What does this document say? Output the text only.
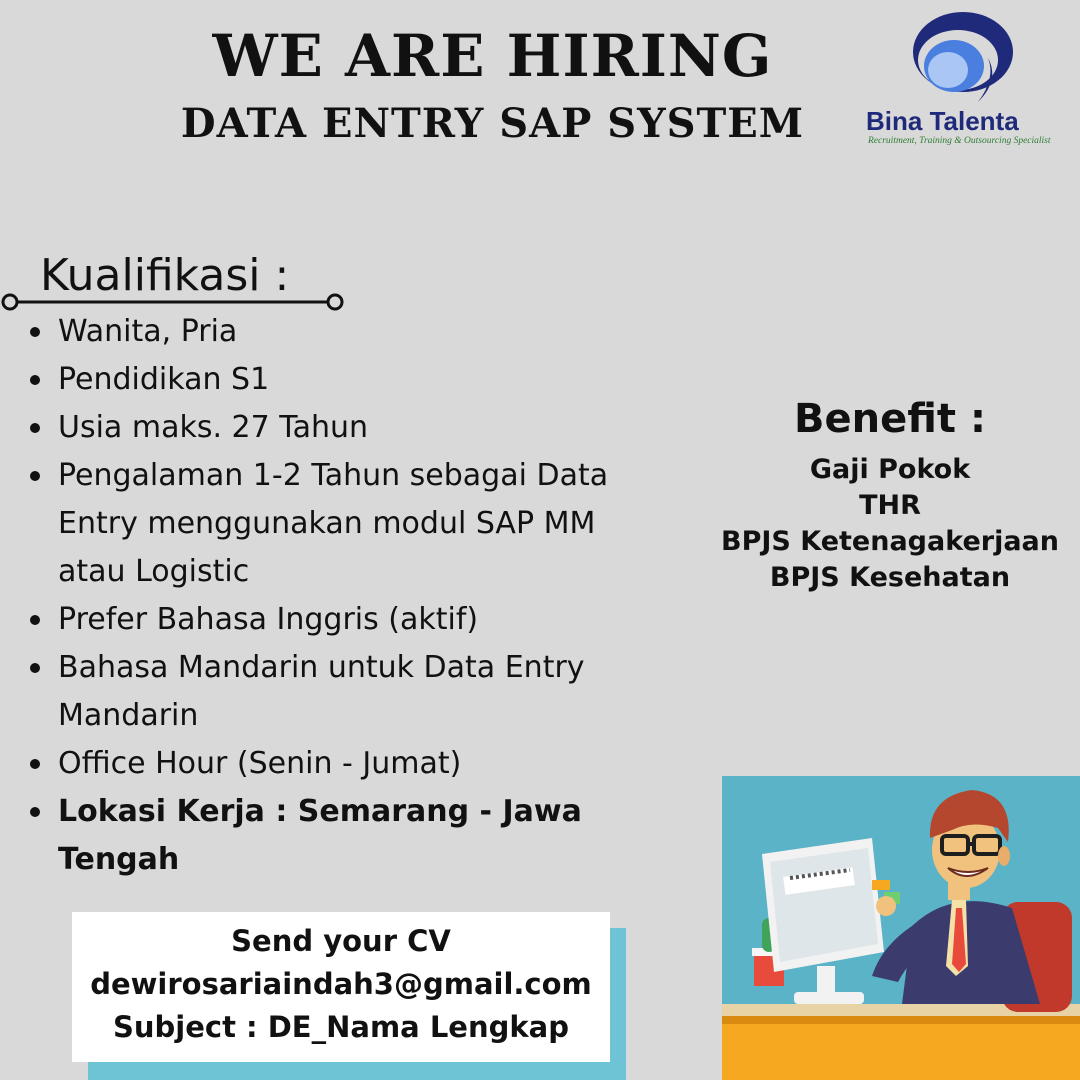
WE ARE HIRING
DATA ENTRY SAP SYSTEM	Bina Talenta
Recruitment, Training & Outsourcing Specialist
Kualifikasi :
Wanita, Pria
Pendidikan S1
Usia maks. 27 Tahun
Pengalaman 1-2 Tahun sebagai Data Entry menggunakan modul SAP MM atau Logistic
Prefer Bahasa Inggris (aktif)
Bahasa Mandarin untuk Data Entry Mandarin
Office Hour (Senin - Jumat)
Lokasi Kerja : Semarang - Jawa Tengah
Benefit :
Gaji Pokok
THR
BPJS Ketenagakerjaan
BPJS Kesehatan
Send your CV
dewirosariaindah3@gmail.com
Subject : DE_Nama Lengkap
